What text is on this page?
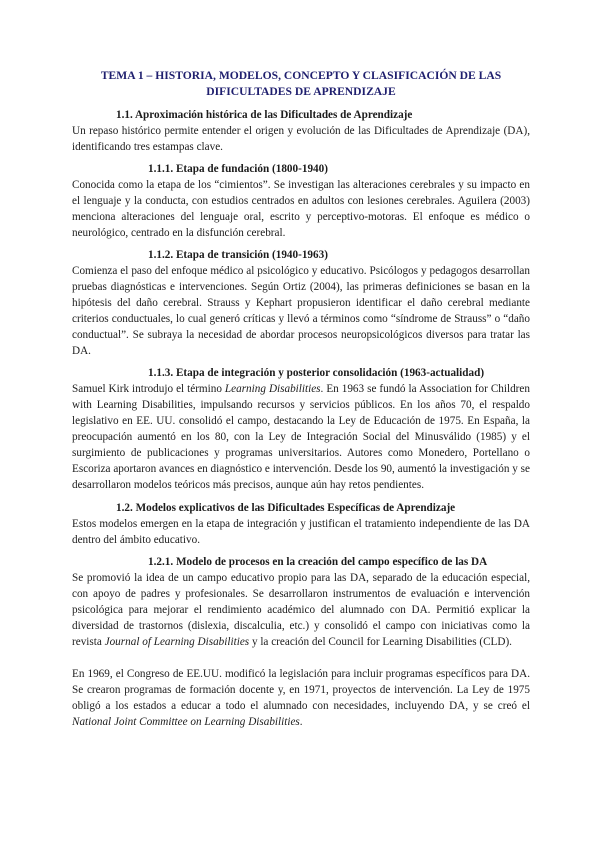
TEMA 1 – HISTORIA, MODELOS, CONCEPTO Y CLASIFICACIÓN DE LAS DIFICULTADES DE APRENDIZAJE
1.1. Aproximación histórica de las Dificultades de Aprendizaje

Un repaso histórico permite entender el origen y evolución de las Dificultades de Aprendizaje (DA), identificando tres estampas clave.

1.1.1. Etapa de fundación (1800-1940)

Conocida como la etapa de los “cimientos”. Se investigan las alteraciones cerebrales y su impacto en el lenguaje y la conducta, con estudios centrados en adultos con lesiones cerebrales. Aguilera (2003) menciona alteraciones del lenguaje oral, escrito y perceptivo-motoras. El enfoque es médico o neurológico, centrado en la disfunción cerebral.

1.1.2. Etapa de transición (1940-1963)

Comienza el paso del enfoque médico al psicológico y educativo. Psicólogos y pedagogos desarrollan pruebas diagnósticas e intervenciones. Según Ortiz (2004), las primeras definiciones se basan en la hipótesis del daño cerebral. Strauss y Kephart propusieron identificar el daño cerebral mediante criterios conductuales, lo cual generó críticas y llevó a términos como “síndrome de Strauss” o “daño conductual”. Se subraya la necesidad de abordar procesos neuropsicológicos diversos para tratar las DA.

1.1.3. Etapa de integración y posterior consolidación (1963-actualidad)

Samuel Kirk introdujo el término Learning Disabilities. En 1963 se fundó la Association for Children with Learning Disabilities, impulsando recursos y servicios públicos. En los años 70, el respaldo legislativo en EE. UU. consolidó el campo, destacando la Ley de Educación de 1975. En España, la preocupación aumentó en los 80, con la Ley de Integración Social del Minusválido (1985) y el surgimiento de publicaciones y programas universitarios. Autores como Monedero, Portellano o Escoriza aportaron avances en diagnóstico e intervención. Desde los 90, aumentó la investigación y se desarrollaron modelos teóricos más precisos, aunque aún hay retos pendientes.

1.2. Modelos explicativos de las Dificultades Específicas de Aprendizaje

Estos modelos emergen en la etapa de integración y justifican el tratamiento independiente de las DA dentro del ámbito educativo.

1.2.1. Modelo de procesos en la creación del campo específico de las DA

Se promovió la idea de un campo educativo propio para las DA, separado de la educación especial, con apoyo de padres y profesionales. Se desarrollaron instrumentos de evaluación e intervención psicológica para mejorar el rendimiento académico del alumnado con DA. Permitió explicar la diversidad de trastornos (dislexia, discalculia, etc.) y consolidó el campo con iniciativas como la revista Journal of Learning Disabilities y la creación del Council for Learning Disabilities (CLD).

En 1969, el Congreso de EE.UU. modificó la legislación para incluir programas específicos para DA. Se crearon programas de formación docente y, en 1971, proyectos de intervención. La Ley de 1975 obligó a los estados a educar a todo el alumnado con necesidades, incluyendo DA, y se creó el National Joint Committee on Learning Disabilities.
